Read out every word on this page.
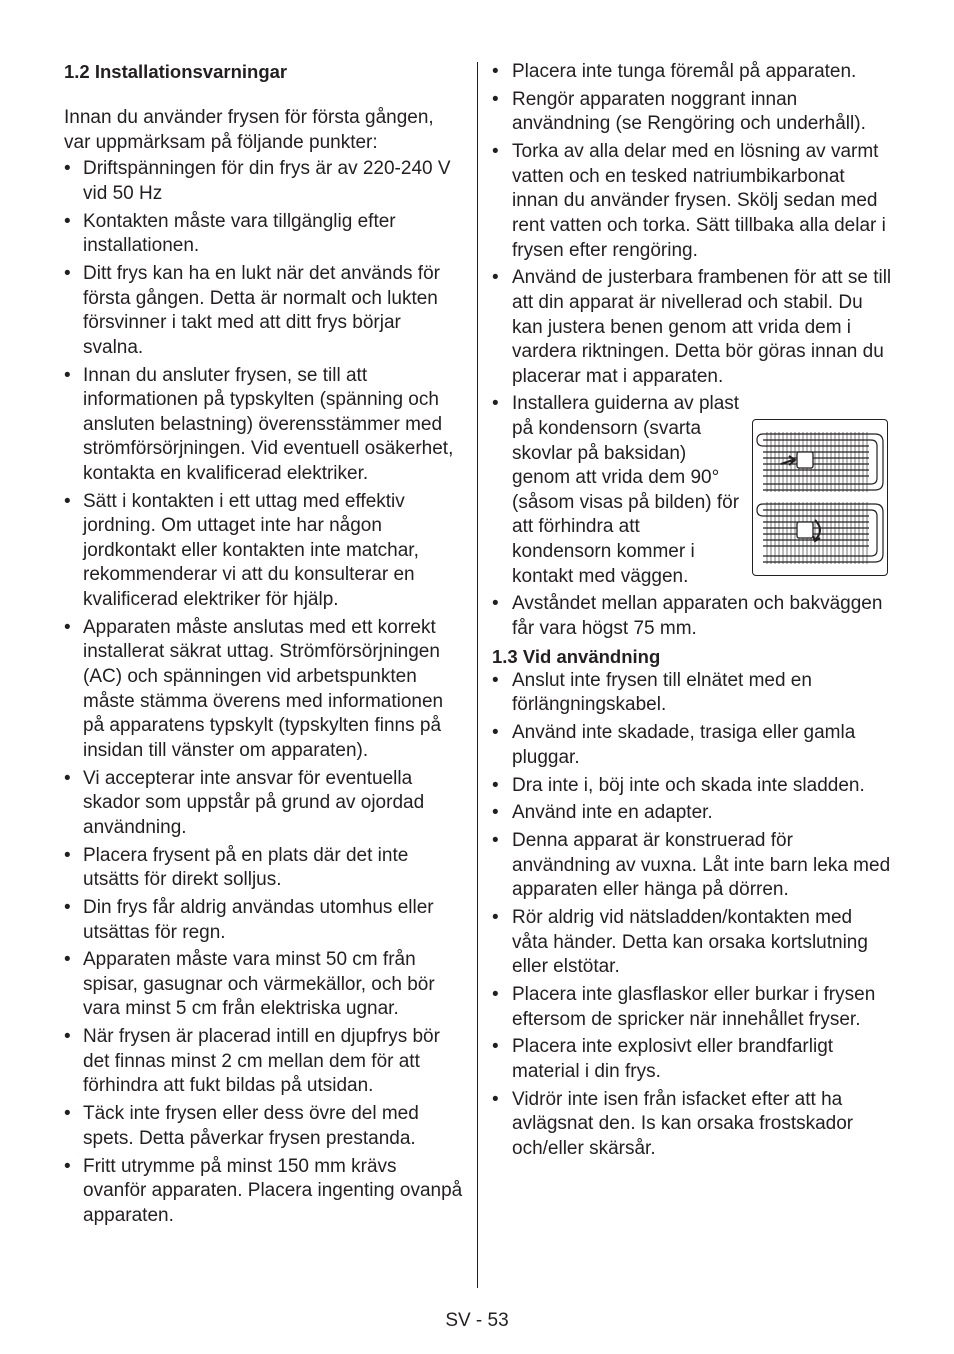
1.2 Installationsvarningar

Innan du använder frysen för första gången, var uppmärksam på följande punkter:

• Driftspänningen för din frys är av 220-240 V vid 50 Hz
• Kontakten måste vara tillgänglig efter installationen.
• Ditt frys kan ha en lukt när det används för första gången. Detta är normalt och lukten försvinner i takt med att ditt frys börjar svalna.
• Innan du ansluter frysen, se till att informationen på typskylten (spänning och ansluten belastning) överensstämmer med strömförsörjningen. Vid eventuell osäkerhet, kontakta en kvalificerad elektriker.
• Sätt i kontakten i ett uttag med effektiv jordning. Om uttaget inte har någon jordkontakt eller kontakten inte matchar, rekommenderar vi att du konsulterar en kvalificerad elektriker för hjälp.
• Apparaten måste anslutas med ett korrekt installerat säkrat uttag. Strömförsörjningen (AC) och spänningen vid arbetspunkten måste stämma överens med informationen på apparatens typskylt (typskylten finns på insidan till vänster om apparaten).
• Vi accepterar inte ansvar för eventuella skador som uppstår på grund av ojordad användning.
• Placera frysent på en plats där det inte utsätts för direkt solljus.
• Din frys får aldrig användas utomhus eller utsättas för regn.
• Apparaten måste vara minst 50 cm från spisar, gasugnar och värmekällor, och bör vara minst 5 cm från elektriska ugnar.
• När frysen är placerad intill en djupfrys bör det finnas minst 2 cm mellan dem för att förhindra att fukt bildas på utsidan.
• Täck inte frysen eller dess övre del med spets. Detta påverkar frysen prestanda.
• Fritt utrymme på minst 150 mm krävs ovanför apparaten. Placera ingenting ovanpå apparaten.
• Placera inte tunga föremål på apparaten.
• Rengör apparaten noggrant innan användning (se Rengöring och underhåll).
• Torka av alla delar med en lösning av varmt vatten och en tesked natriumbikarbonat innan du använder frysen. Skölj sedan med rent vatten och torka. Sätt tillbaka alla delar i frysen efter rengöring.
• Använd de justerbara frambenen för att se till att din apparat är nivellerad och stabil. Du kan justera benen genom att vrida dem i vardera riktningen. Detta bör göras innan du placerar mat i apparaten.
• Installera guiderna av plast på kondensorn (svarta skovlar på baksidan) genom att vrida dem 90° (såsom visas på bilden) för att förhindra att kondensorn kommer i kontakt med väggen.
• Avståndet mellan apparaten och bakväggen får vara högst 75 mm.
1.3 Vid användning
• Anslut inte frysen till elnätet med en förlängningskabel.
• Använd inte skadade, trasiga eller gamla pluggar.
• Dra inte i, böj inte och skada inte sladden.
• Använd inte en adapter.
• Denna apparat är konstruerad för användning av vuxna. Låt inte barn leka med apparaten eller hänga på dörren.
• Rör aldrig vid nätsladden/kontakten med våta händer. Detta kan orsaka kortslutning eller elstötar.
• Placera inte glasflaskor eller burkar i frysen eftersom de spricker när innehållet fryser.
• Placera inte explosivt eller brandfarligt material i din frys.
• Vidrör inte isen från isfacket efter att ha avlägsnat den. Is kan orsaka frostskador och/eller skärsår.
SV - 53
